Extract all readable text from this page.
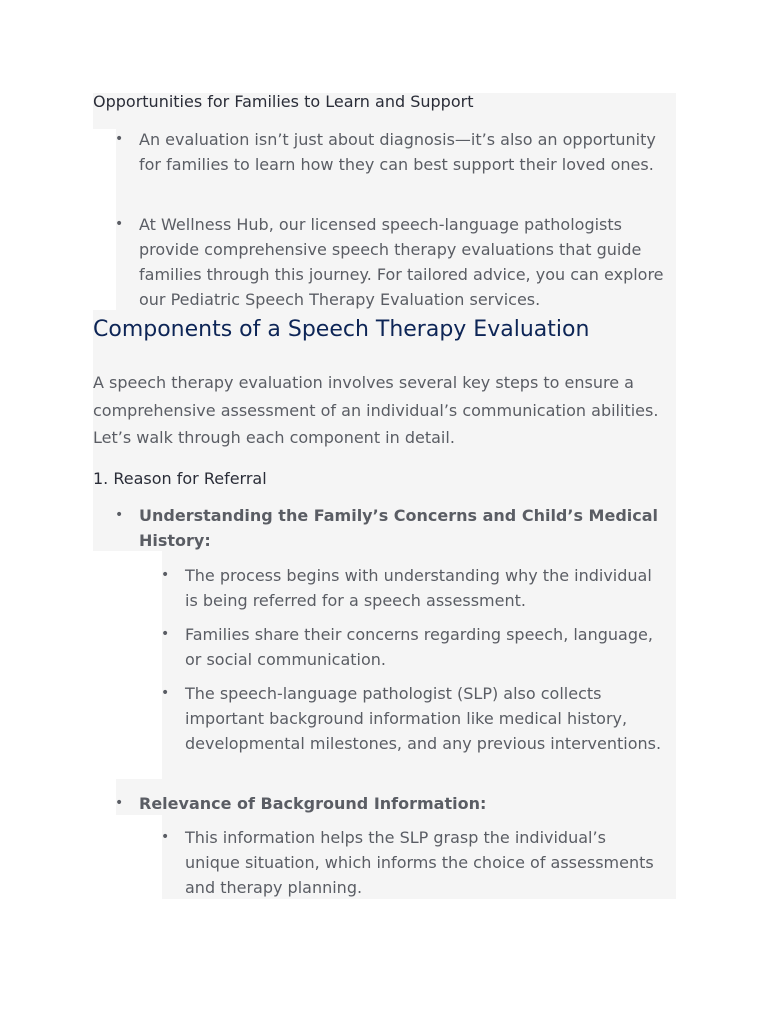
Opportunities for Families to Learn and Support

• An evaluation isn’t just about diagnosis—it’s also an opportunity for families to learn how they can best support their loved ones.

• At Wellness Hub, our licensed speech-language pathologists provide comprehensive speech therapy evaluations that guide families through this journey. For tailored advice, you can explore our Pediatric Speech Therapy Evaluation services.

Components of a Speech Therapy Evaluation

A speech therapy evaluation involves several key steps to ensure a comprehensive assessment of an individual’s communication abilities. Let’s walk through each component in detail.

1. Reason for Referral

• Understanding the Family’s Concerns and Child’s Medical History:

• The process begins with understanding why the individual is being referred for a speech assessment.

• Families share their concerns regarding speech, language, or social communication.

• The speech-language pathologist (SLP) also collects important background information like medical history, developmental milestones, and any previous interventions.

• Relevance of Background Information:

• This information helps the SLP grasp the individual’s unique situation, which informs the choice of assessments and therapy planning.
